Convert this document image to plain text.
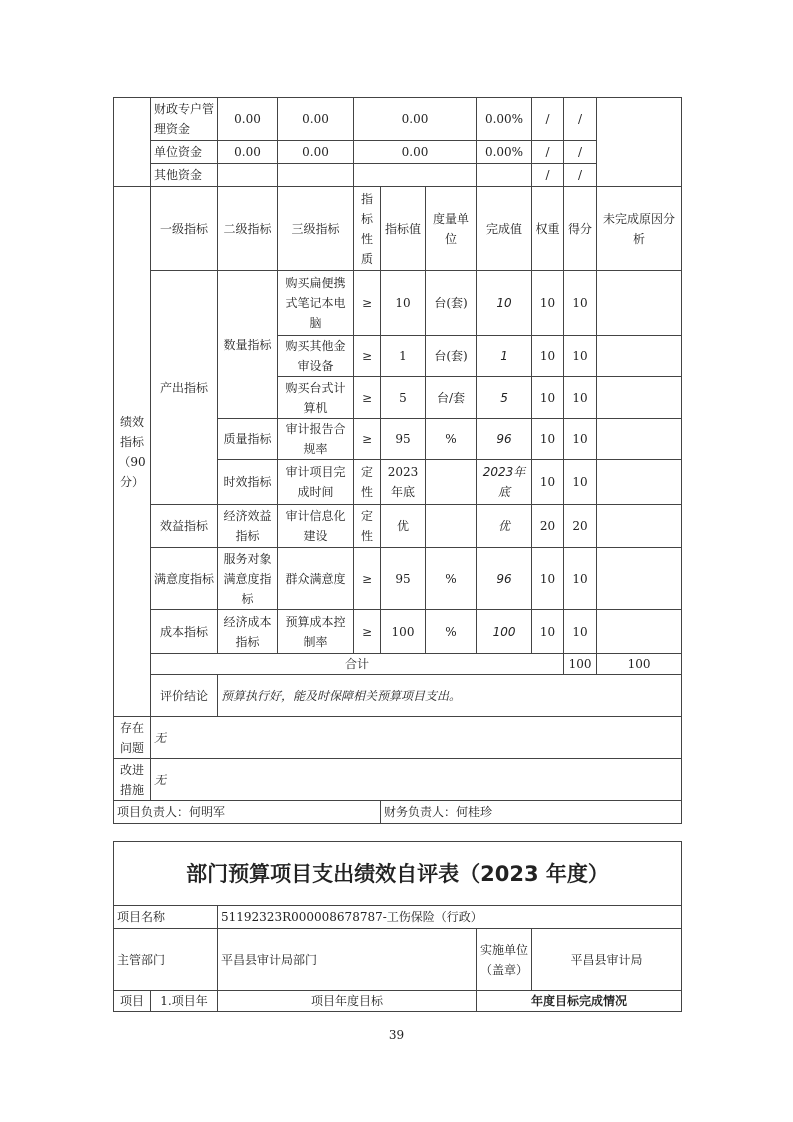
	财政专户管理资金	0.00	0.00	0.00			0.00%	/	/		
	单位资金	0.00	0.00	0.00			0.00%	/	/		
	其他资金							/	/		
绩效指标（90分）	一级指标	二级指标	三级指标	指标性质	指标值	度量单位	完成值	权重	得分	未完成原因分析	
	产出指标	数量指标	购买扁便携式笔记本电脑	≥	10	台(套)	10	10	10		
			购买其他金审设备	≥	1	台(套)	1	10	10		
			购买台式计算机	≥	5	台/套	5	10	10		
		质量指标	审计报告合规率	≥	95	%	96	10	10		
		时效指标	审计项目完成时间	定性	2023年底		2023年底	10	10		
	效益指标	经济效益指标	审计信息化建设	定性	优		优	20	20		
	满意度指标	服务对象满意度指标	群众满意度	≥	95	%	96	10	10		
	成本指标	经济成本指标	预算成本控制率	≥	100	%	100	10	10		
	合计								100	100	
	评价结论	预算执行好，能及时保障相关预算项目支出。									
存在问题	无										
改进措施	无										
项目负责人：何明军					财务负责人：何桂珍						
部门预算项目支出绩效自评表（2023 年度）				
项目名称		51192323R000008678787-工伤保险（行政）		
主管部门		平昌县审计局部门	实施单位（盖章）	平昌县审计局
项目	1.项目年	项目年度目标	年度目标完成情况	
39
